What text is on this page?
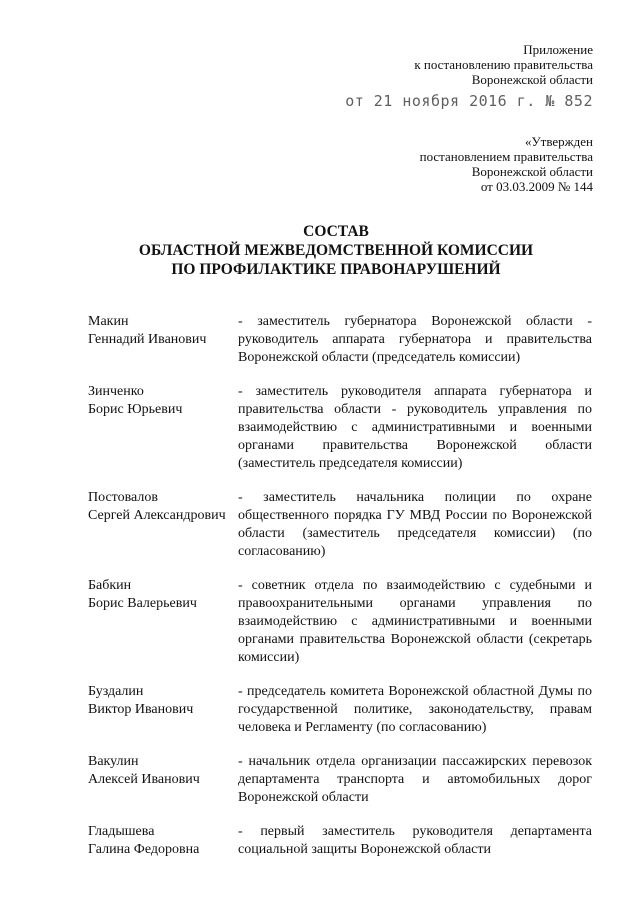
Приложение
к постановлению правительства
Воронежской области
от 21 ноября 2016 г. № 852
«Утвержден
постановлением правительства
Воронежской области
от 03.03.2009 № 144
СОСТАВ
ОБЛАСТНОЙ МЕЖВЕДОМСТВЕННОЙ КОМИССИИ
ПО ПРОФИЛАКТИКЕ ПРАВОНАРУШЕНИЙ
Макин
Геннадий Иванович
- заместитель губернатора Воронежской области - руководитель аппарата губернатора и правительства Воронежской области (председатель комиссии)
Зинченко
Борис Юрьевич
- заместитель руководителя аппарата губернатора и правительства области - руководитель управления по взаимодействию с административными и военными органами правительства Воронежской области (заместитель председателя комиссии)
Постовалов
Сергей Александрович
- заместитель начальника полиции по охране общественного порядка ГУ МВД России по Воронежской области (заместитель председателя комиссии) (по согласованию)
Бабкин
Борис Валерьевич
- советник отдела по взаимодействию с судебными и правоохранительными органами управления по взаимодействию с административными и военными органами правительства Воронежской области (секретарь комиссии)
Буздалин
Виктор Иванович
- председатель комитета Воронежской областной Думы по государственной политике, законодательству, правам человека и Регламенту (по согласованию)
Вакулин
Алексей Иванович
- начальник отдела организации пассажирских перевозок департамента транспорта и автомобильных дорог Воронежской области
Гладышева
Галина Федоровна
- первый заместитель руководителя департамента социальной защиты Воронежской области
